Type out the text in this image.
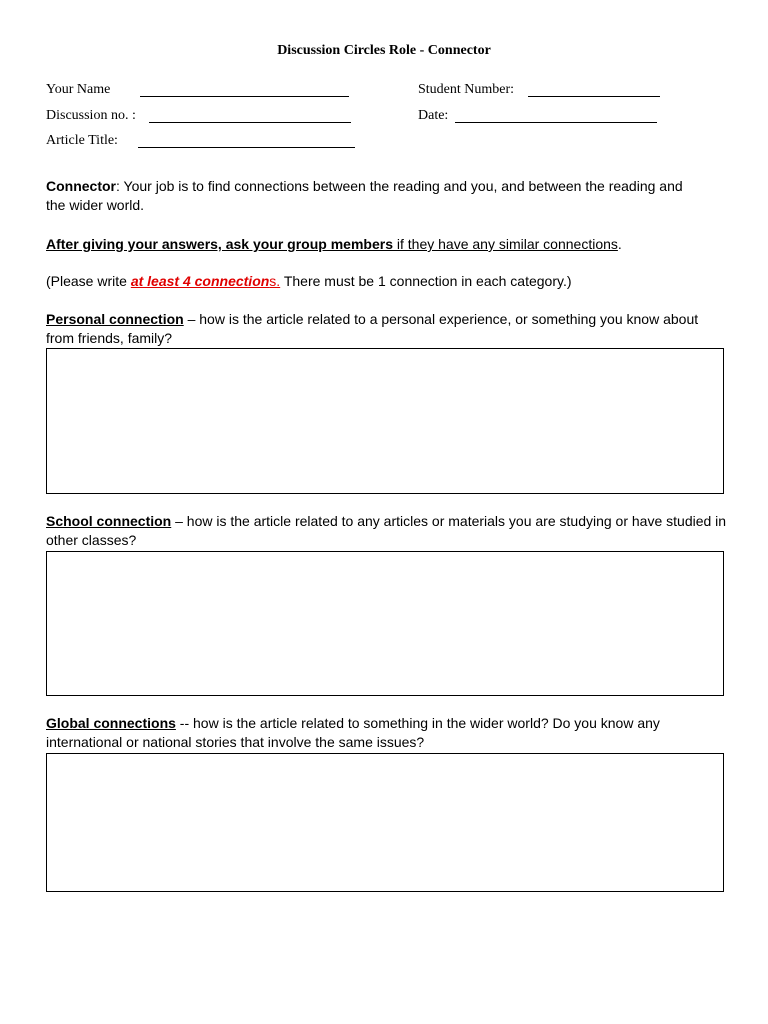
Discussion Circles Role - Connector
Your Name	Student Number:
Discussion no. :	Date:
Article Title:
Connector: Your job is to find connections between the reading and you, and between the reading and the wider world.
After giving your answers, ask your group members if they have any similar connections.
(Please write at least 4 connections. There must be 1 connection in each category.)
Personal connection – how is the article related to a personal experience, or something you know about from friends, family?
School connection – how is the article related to any articles or materials you are studying or have studied in other classes?
Global connections -- how is the article related to something in the wider world? Do you know any international or national stories that involve the same issues?
